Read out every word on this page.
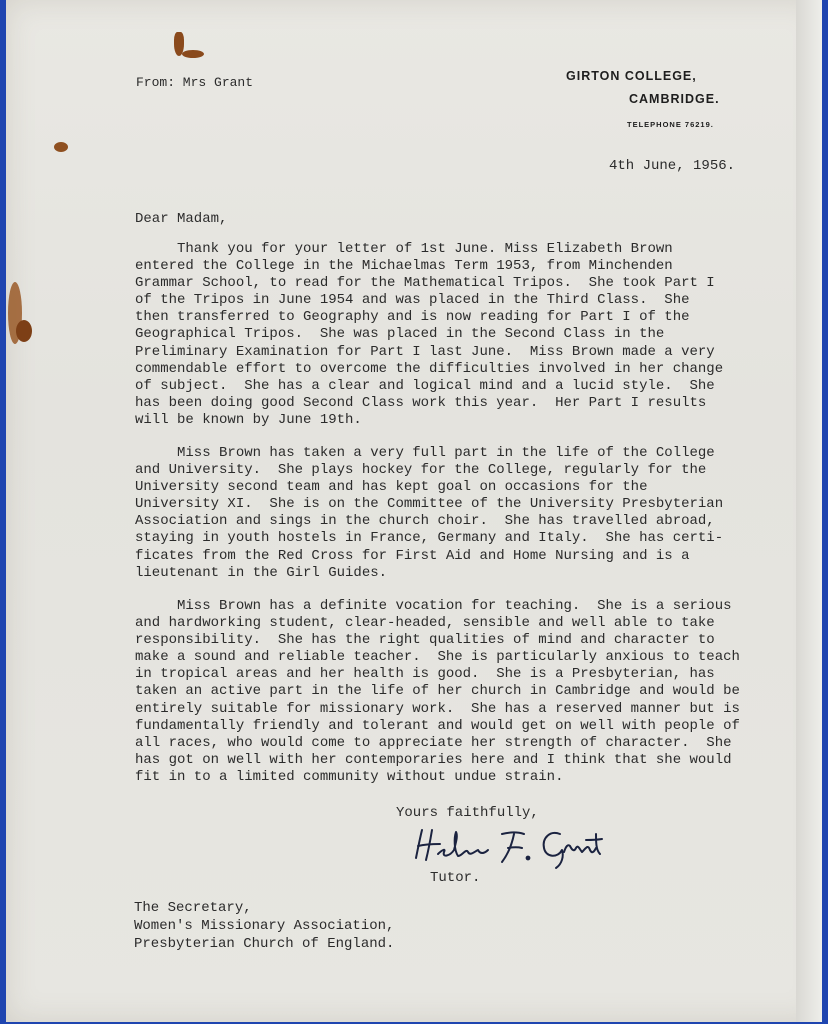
From: Mrs Grant	GIRTON COLLEGE,
CAMBRIDGE.
TELEPHONE 76219.
4th June, 1956.
Dear Madam,
Thank you for your letter of 1st June. Miss Elizabeth Brown
entered the College in the Michaelmas Term 1953, from Minchenden
Grammar School, to read for the Mathematical Tripos.  She took Part I
of the Tripos in June 1954 and was placed in the Third Class.  She
then transferred to Geography and is now reading for Part I of the
Geographical Tripos.  She was placed in the Second Class in the
Preliminary Examination for Part I last June.  Miss Brown made a very
commendable effort to overcome the difficulties involved in her change
of subject.  She has a clear and logical mind and a lucid style.  She
has been doing good Second Class work this year.  Her Part I results
will be known by June 19th.
Miss Brown has taken a very full part in the life of the College
and University.  She plays hockey for the College, regularly for the
University second team and has kept goal on occasions for the
University XI.  She is on the Committee of the University Presbyterian
Association and sings in the church choir.  She has travelled abroad,
staying in youth hostels in France, Germany and Italy.  She has certi-
ficates from the Red Cross for First Aid and Home Nursing and is a
lieutenant in the Girl Guides.
Miss Brown has a definite vocation for teaching.  She is a serious
and hardworking student, clear-headed, sensible and well able to take
responsibility.  She has the right qualities of mind and character to
make a sound and reliable teacher.  She is particularly anxious to teach
in tropical areas and her health is good.  She is a Presbyterian, has
taken an active part in the life of her church in Cambridge and would be
entirely suitable for missionary work.  She has a reserved manner but is
fundamentally friendly and tolerant and would get on well with people of
all races, who would come to appreciate her strength of character.  She
has got on well with her contemporaries here and I think that she would
fit in to a limited community without undue strain.
Yours faithfully,
Tutor.
The Secretary,
Women's Missionary Association,
Presbyterian Church of England.
